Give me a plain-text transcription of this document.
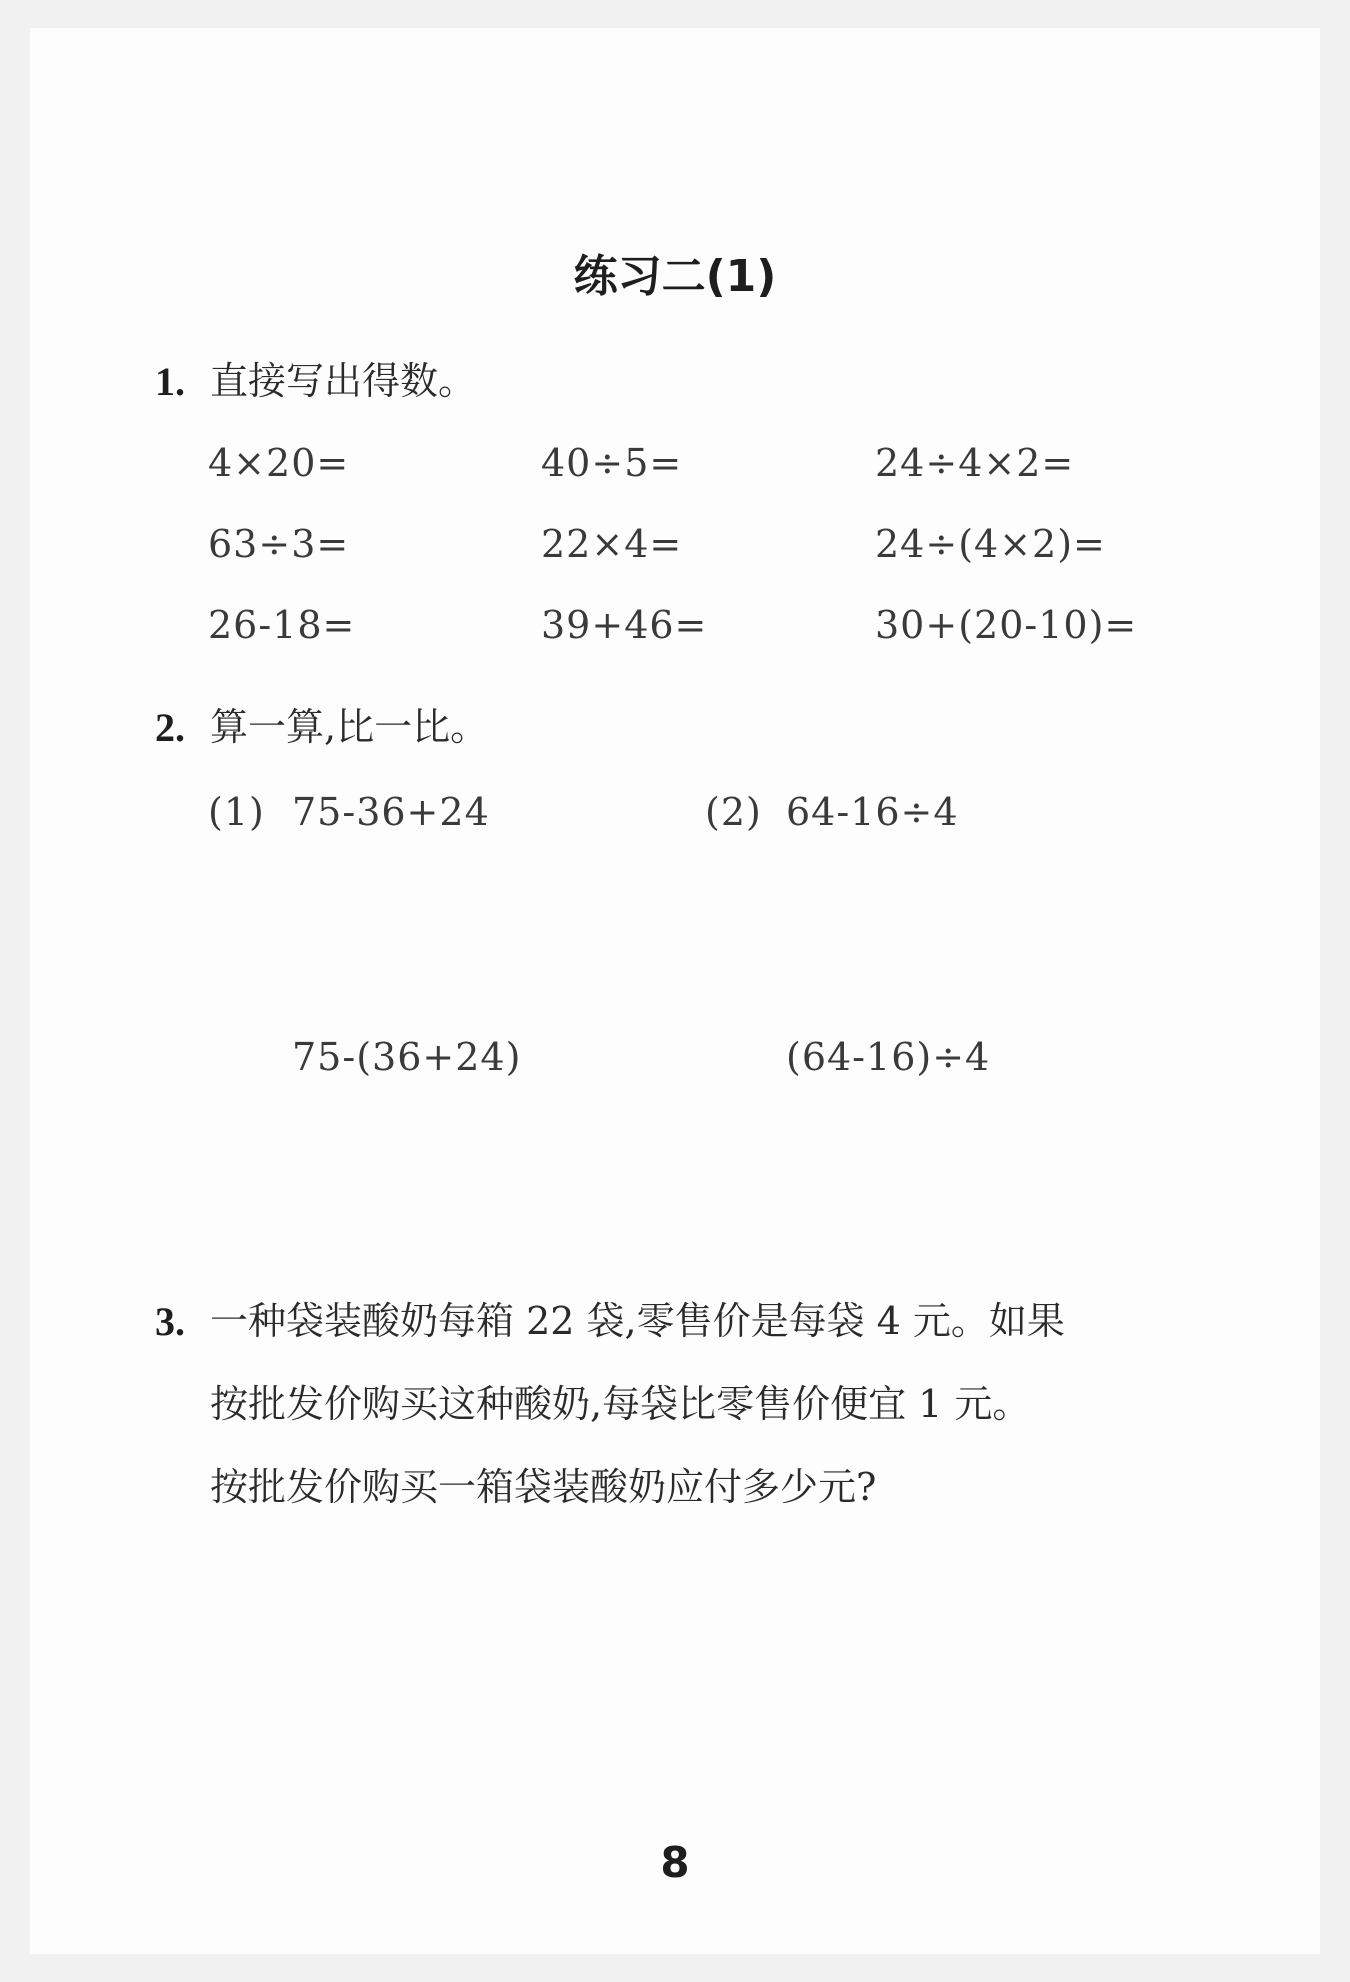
练习二(1)
1. 直接写出得数。
4×20=	40÷5=	24÷4×2=
63÷3=	22×4=	24÷(4×2)=
26-18=	39+46=	30+(20-10)=
2. 算一算,比一比。
(1) 75-36+24	(2) 64-16÷4
75-(36+24)	(64-16)÷4
3. 一种袋装酸奶每箱 22 袋,零售价是每袋 4 元。如果
按批发价购买这种酸奶,每袋比零售价便宜 1 元。
按批发价购买一箱袋装酸奶应付多少元?
8
